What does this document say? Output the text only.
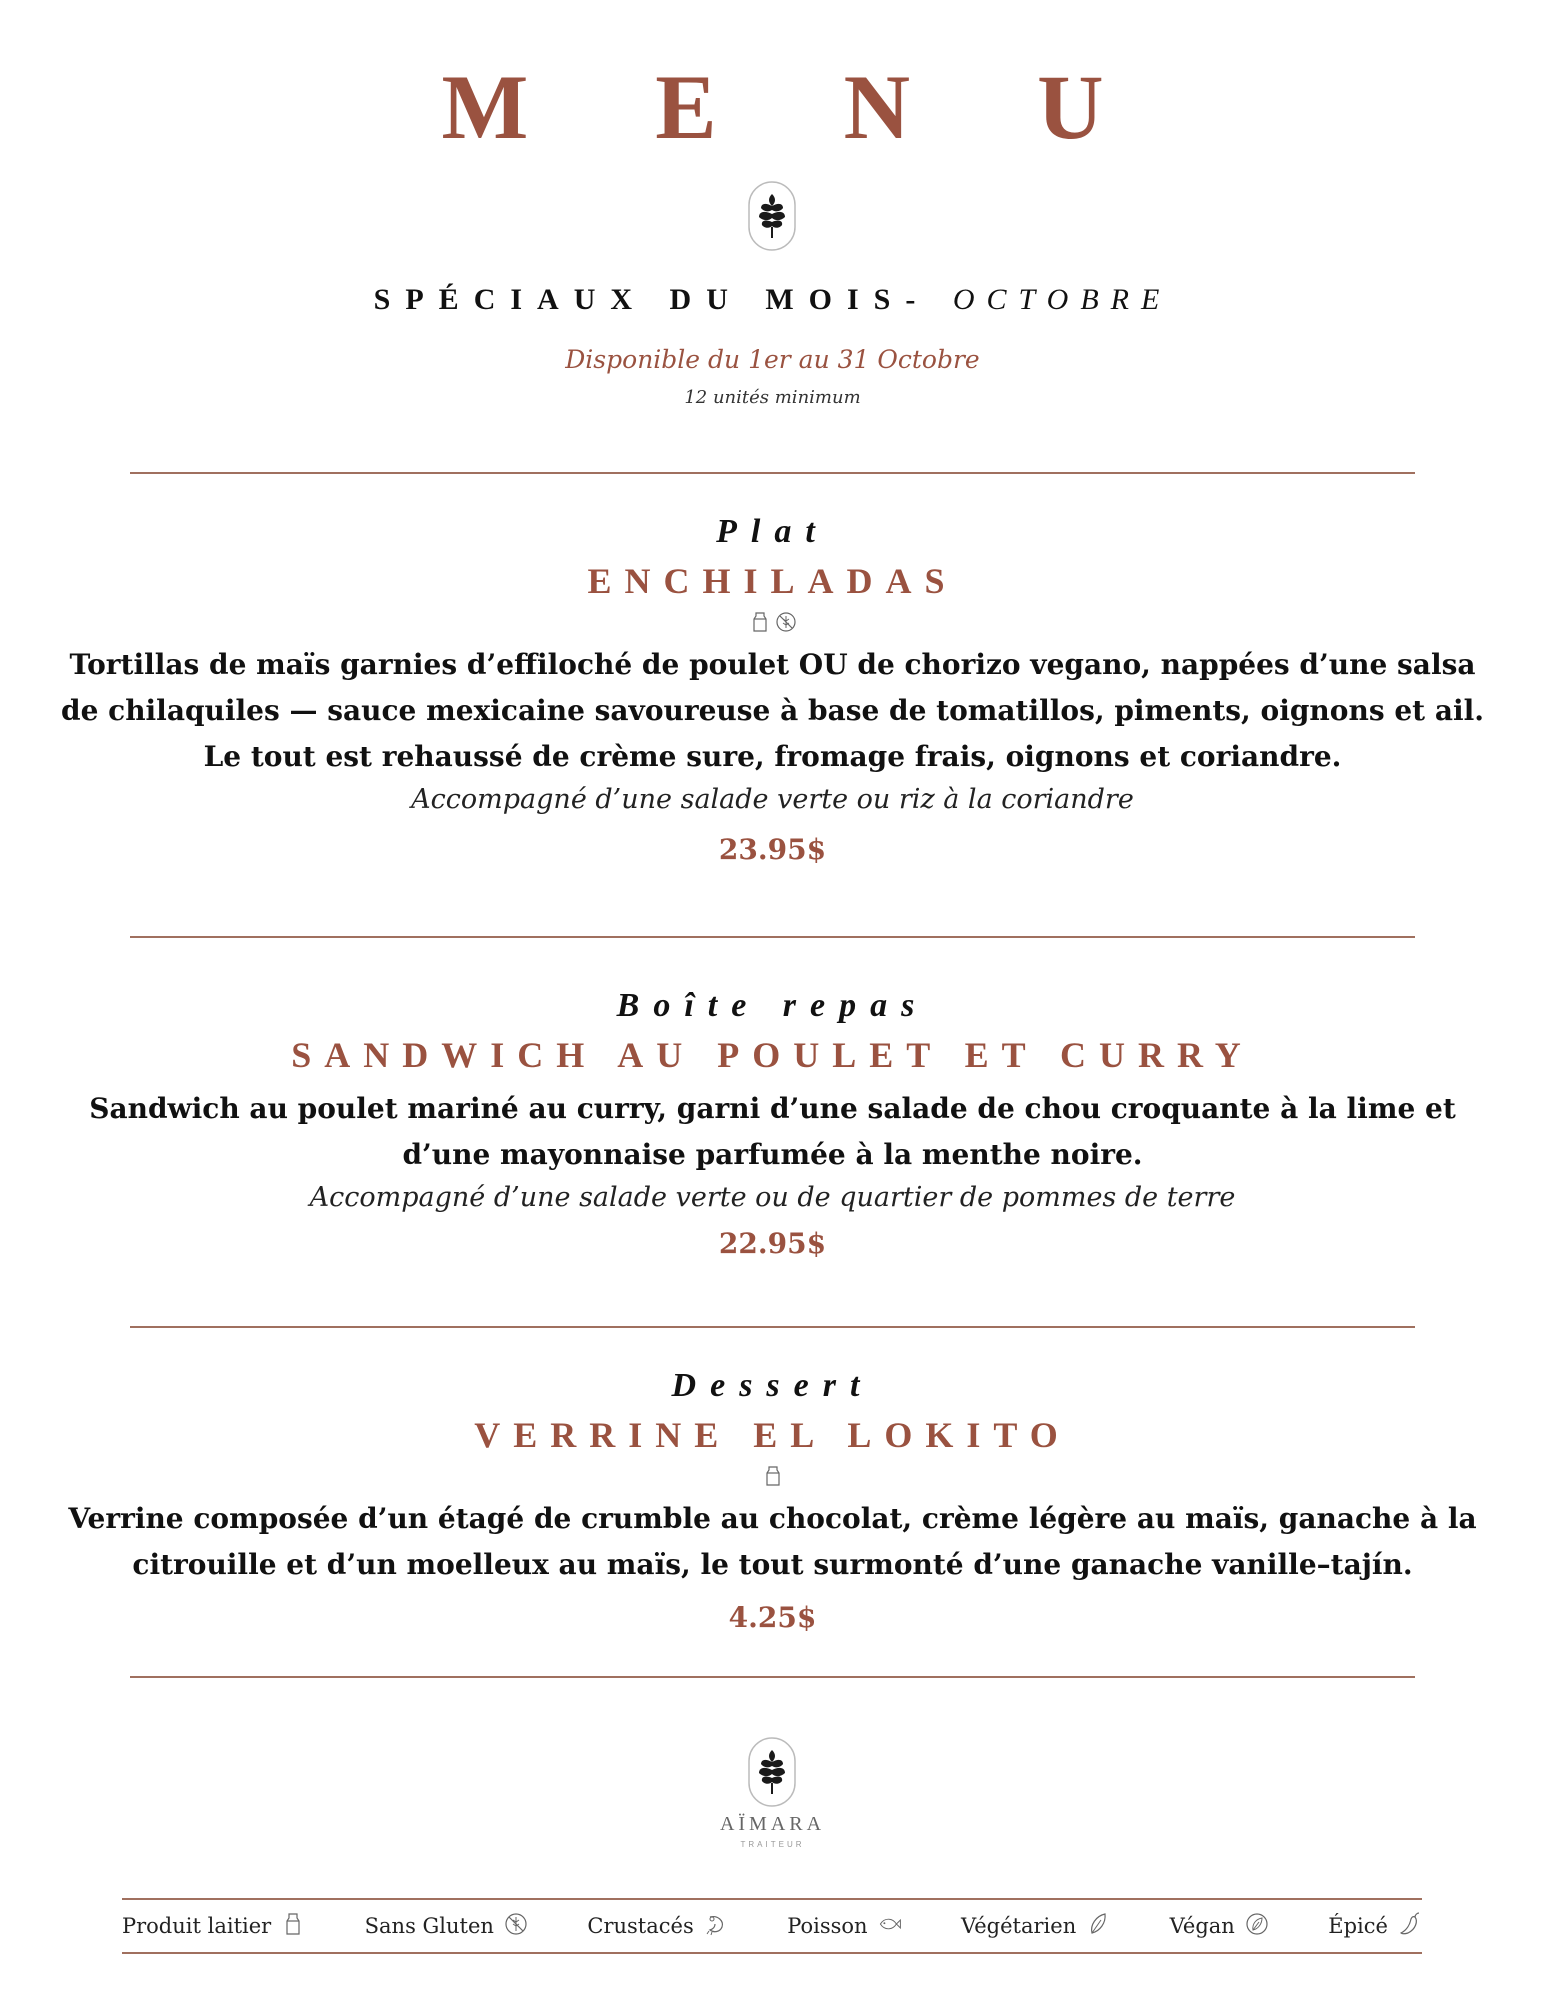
M E N U
SPÉCIAUX DU MOIS- OCTOBRE
Disponible du 1er au 31 Octobre
12 unités minimum
Plat
ENCHILADAS
Tortillas de maïs garnies d’effiloché de poulet OU de chorizo vegano, nappées d’une salsa
de chilaquiles — sauce mexicaine savoureuse à base de tomatillos, piments, oignons et ail.
Le tout est rehaussé de crème sure, fromage frais, oignons et coriandre.
Accompagné d’une salade verte ou riz à la coriandre
23.95$
Boîte repas
SANDWICH AU POULET ET CURRY
Sandwich au poulet mariné au curry, garni d’une salade de chou croquante à la lime et
d’une mayonnaise parfumée à la menthe noire.
Accompagné d’une salade verte ou de quartier de pommes de terre
22.95$
Dessert
VERRINE EL LOKITO
Verrine composée d’un étagé de crumble au chocolat, crème légère au maïs, ganache à la
citrouille et d’un moelleux au maïs, le tout surmonté d’une ganache vanille–tajín.
4.25$
AÏMARA
TRAITEUR
Produit laitier	Sans Gluten	Crustacés	Poisson	Végétarien	Végan	Épicé
